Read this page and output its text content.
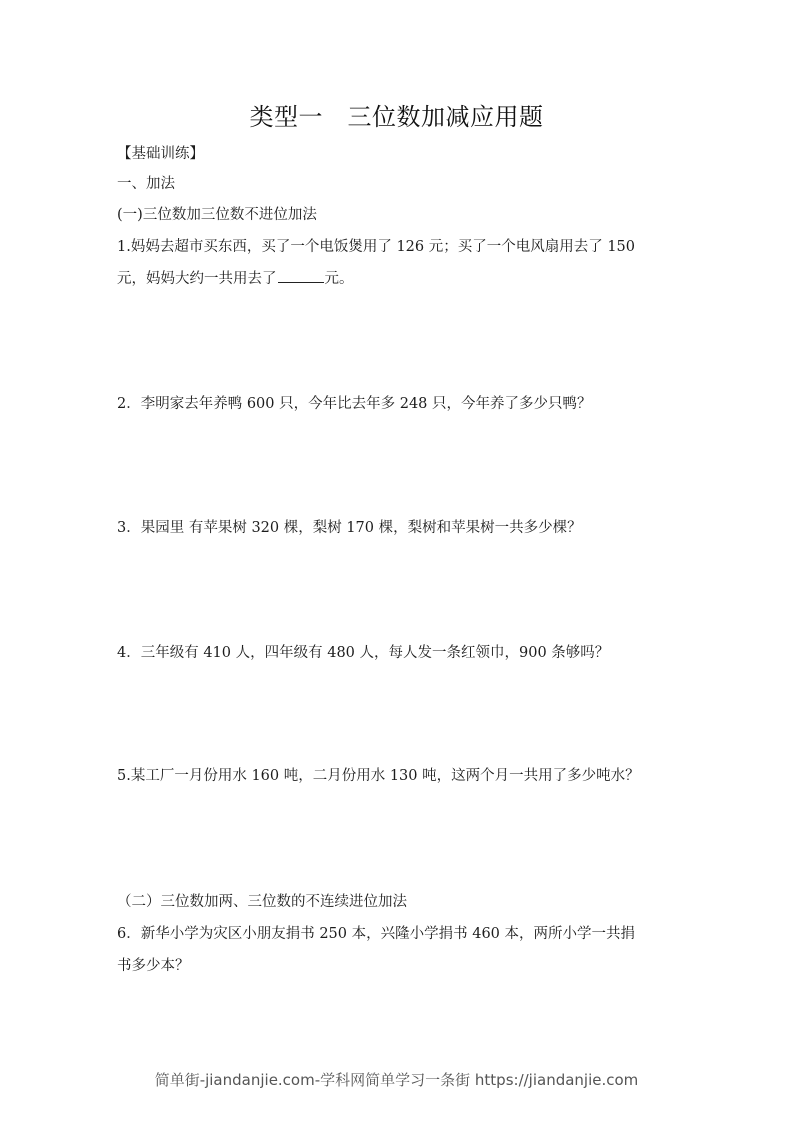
类型一　三位数加减应用题
【基础训练】
一、加法
(一)三位数加三位数不进位加法
1.妈妈去超市买东西，买了一个电饭煲用了 126 元；买了一个电风扇用去了 150
元，妈妈大约一共用去了	元。
2．李明家去年养鸭 600 只，今年比去年多 248 只，今年养了多少只鸭？
3．果园里 有苹果树 320 棵，梨树 170 棵，梨树和苹果树一共多少棵？
4．三年级有 410 人，四年级有 480 人，每人发一条红领巾，900 条够吗？
5.某工厂一月份用水 160 吨，二月份用水 130 吨，这两个月一共用了多少吨水？
（二）三位数加两、三位数的不连续进位加法
6．新华小学为灾区小朋友捐书 250 本，兴隆小学捐书 460 本，两所小学一共捐
书多少本？
简单街-jiandanjie.com-学科网简单学习一条街 https://jiandanjie.com
